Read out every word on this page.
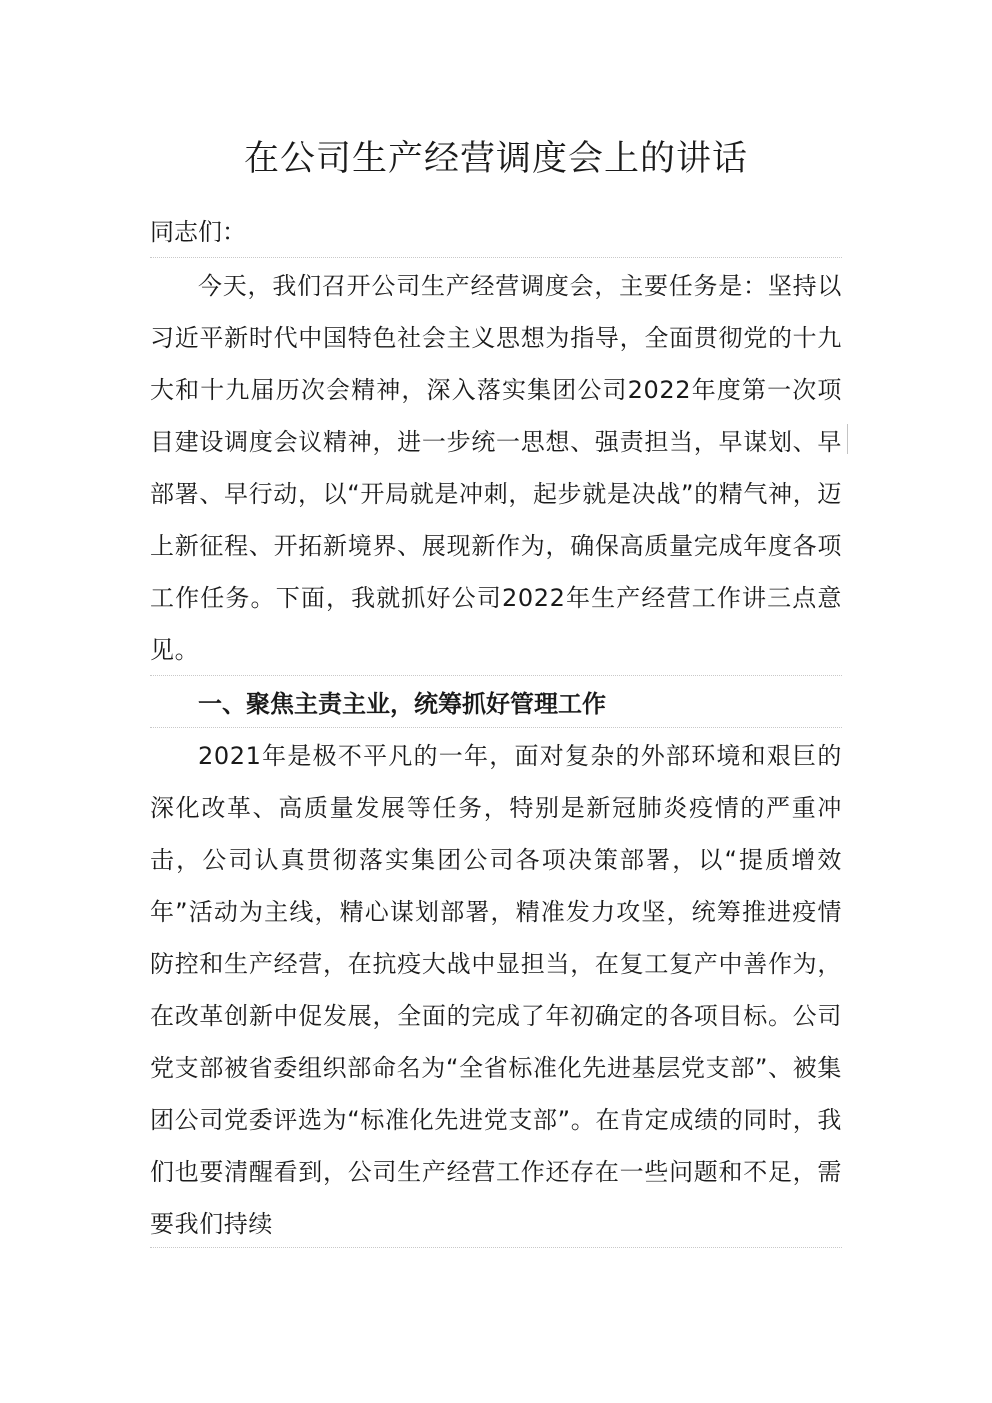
在公司生产经营调度会上的讲话

同志们：

今天，我们召开公司生产经营调度会，主要任务是：坚持以习近平新时代中国特色社会主义思想为指导，全面贯彻党的十九大和十九届历次会精神，深入落实集团公司2022年度第一次项目建设调度会议精神，进一步统一思想、强责担当，早谋划、早部署、早行动，以“开局就是冲刺，起步就是决战”的精气神，迈上新征程、开拓新境界、展现新作为，确保高质量完成年度各项工作任务。下面，我就抓好公司2022年生产经营工作讲三点意见。

一、聚焦主责主业，统筹抓好管理工作

2021年是极不平凡的一年，面对复杂的外部环境和艰巨的深化改革、高质量发展等任务，特别是新冠肺炎疫情的严重冲击，公司认真贯彻落实集团公司各项决策部署，以“提质增效年”活动为主线，精心谋划部署，精准发力攻坚，统筹推进疫情防控和生产经营，在抗疫大战中显担当，在复工复产中善作为，在改革创新中促发展，全面的完成了年初确定的各项目标。公司党支部被省委组织部命名为“全省标准化先进基层党支部”、被集团公司党委评选为“标准化先进党支部”。在肯定成绩的同时，我们也要清醒看到，公司生产经营工作还存在一些问题和不足，需要我们持续
